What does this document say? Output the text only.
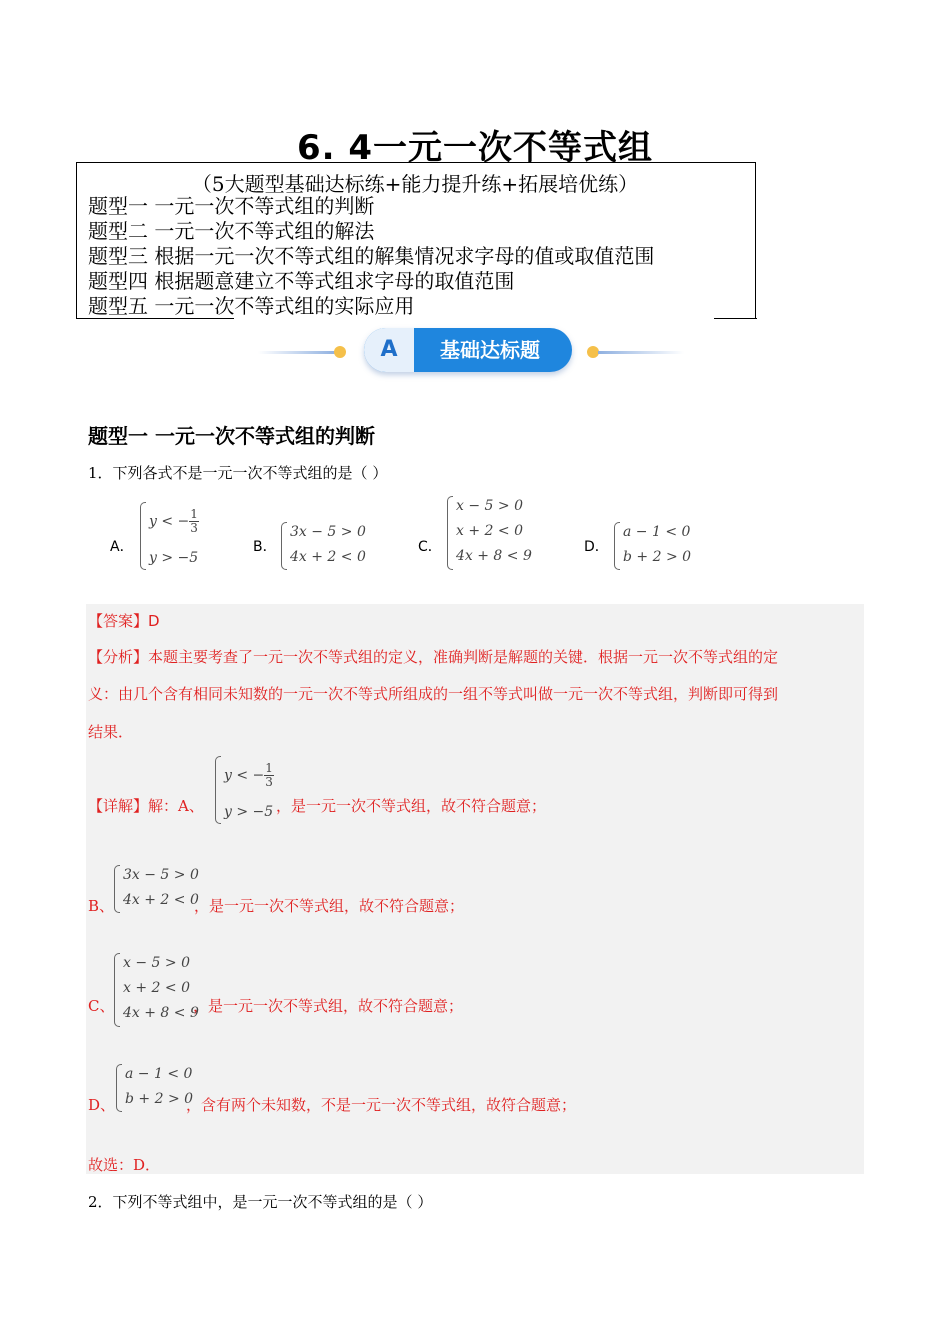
6. 4一元一次不等式组
（5大题型基础达标练+能力提升练+拓展培优练）
题型一 一元一次不等式组的判断
题型二 一元一次不等式组的解法
题型三 根据一元一次不等式组的解集情况求字母的值或取值范围
题型四 根据题意建立不等式组求字母的取值范围
题型五 一元一次不等式组的实际应用
A	基础达标题
题型一 一元一次不等式组的判断
1．下列各式不是一元一次不等式组的是（ ）
A．
y < − $\frac{1}{3}$
y > −5
B．
3x − 5 > 0
4x + 2 < 0
C．
x − 5 > 0
x + 2 < 0
4x + 8 < 9
D．
a − 1 < 0
b + 2 > 0
【答案】D
【分析】本题主要考查了一元一次不等式组的定义，准确判断是解题的关键．根据一元一次不等式组的定
义：由几个含有相同未知数的一元一次不等式所组成的一组不等式叫做一元一次不等式组，判断即可得到
结果．
【详解】解：A、
y < − $\frac{1}{3}$
y > −5 ，是一元一次不等式组，故不符合题意；
B、
3x − 5 > 0
4x + 2 < 0
，是一元一次不等式组，故不符合题意；
C、
x − 5 > 0
x + 2 < 0
4x + 8 < 9
，是一元一次不等式组，故不符合题意；
D、
a − 1 < 0
b + 2 > 0
，含有两个未知数，不是一元一次不等式组，故符合题意；
故选：D．
2．下列不等式组中，是一元一次不等式组的是（ ）
